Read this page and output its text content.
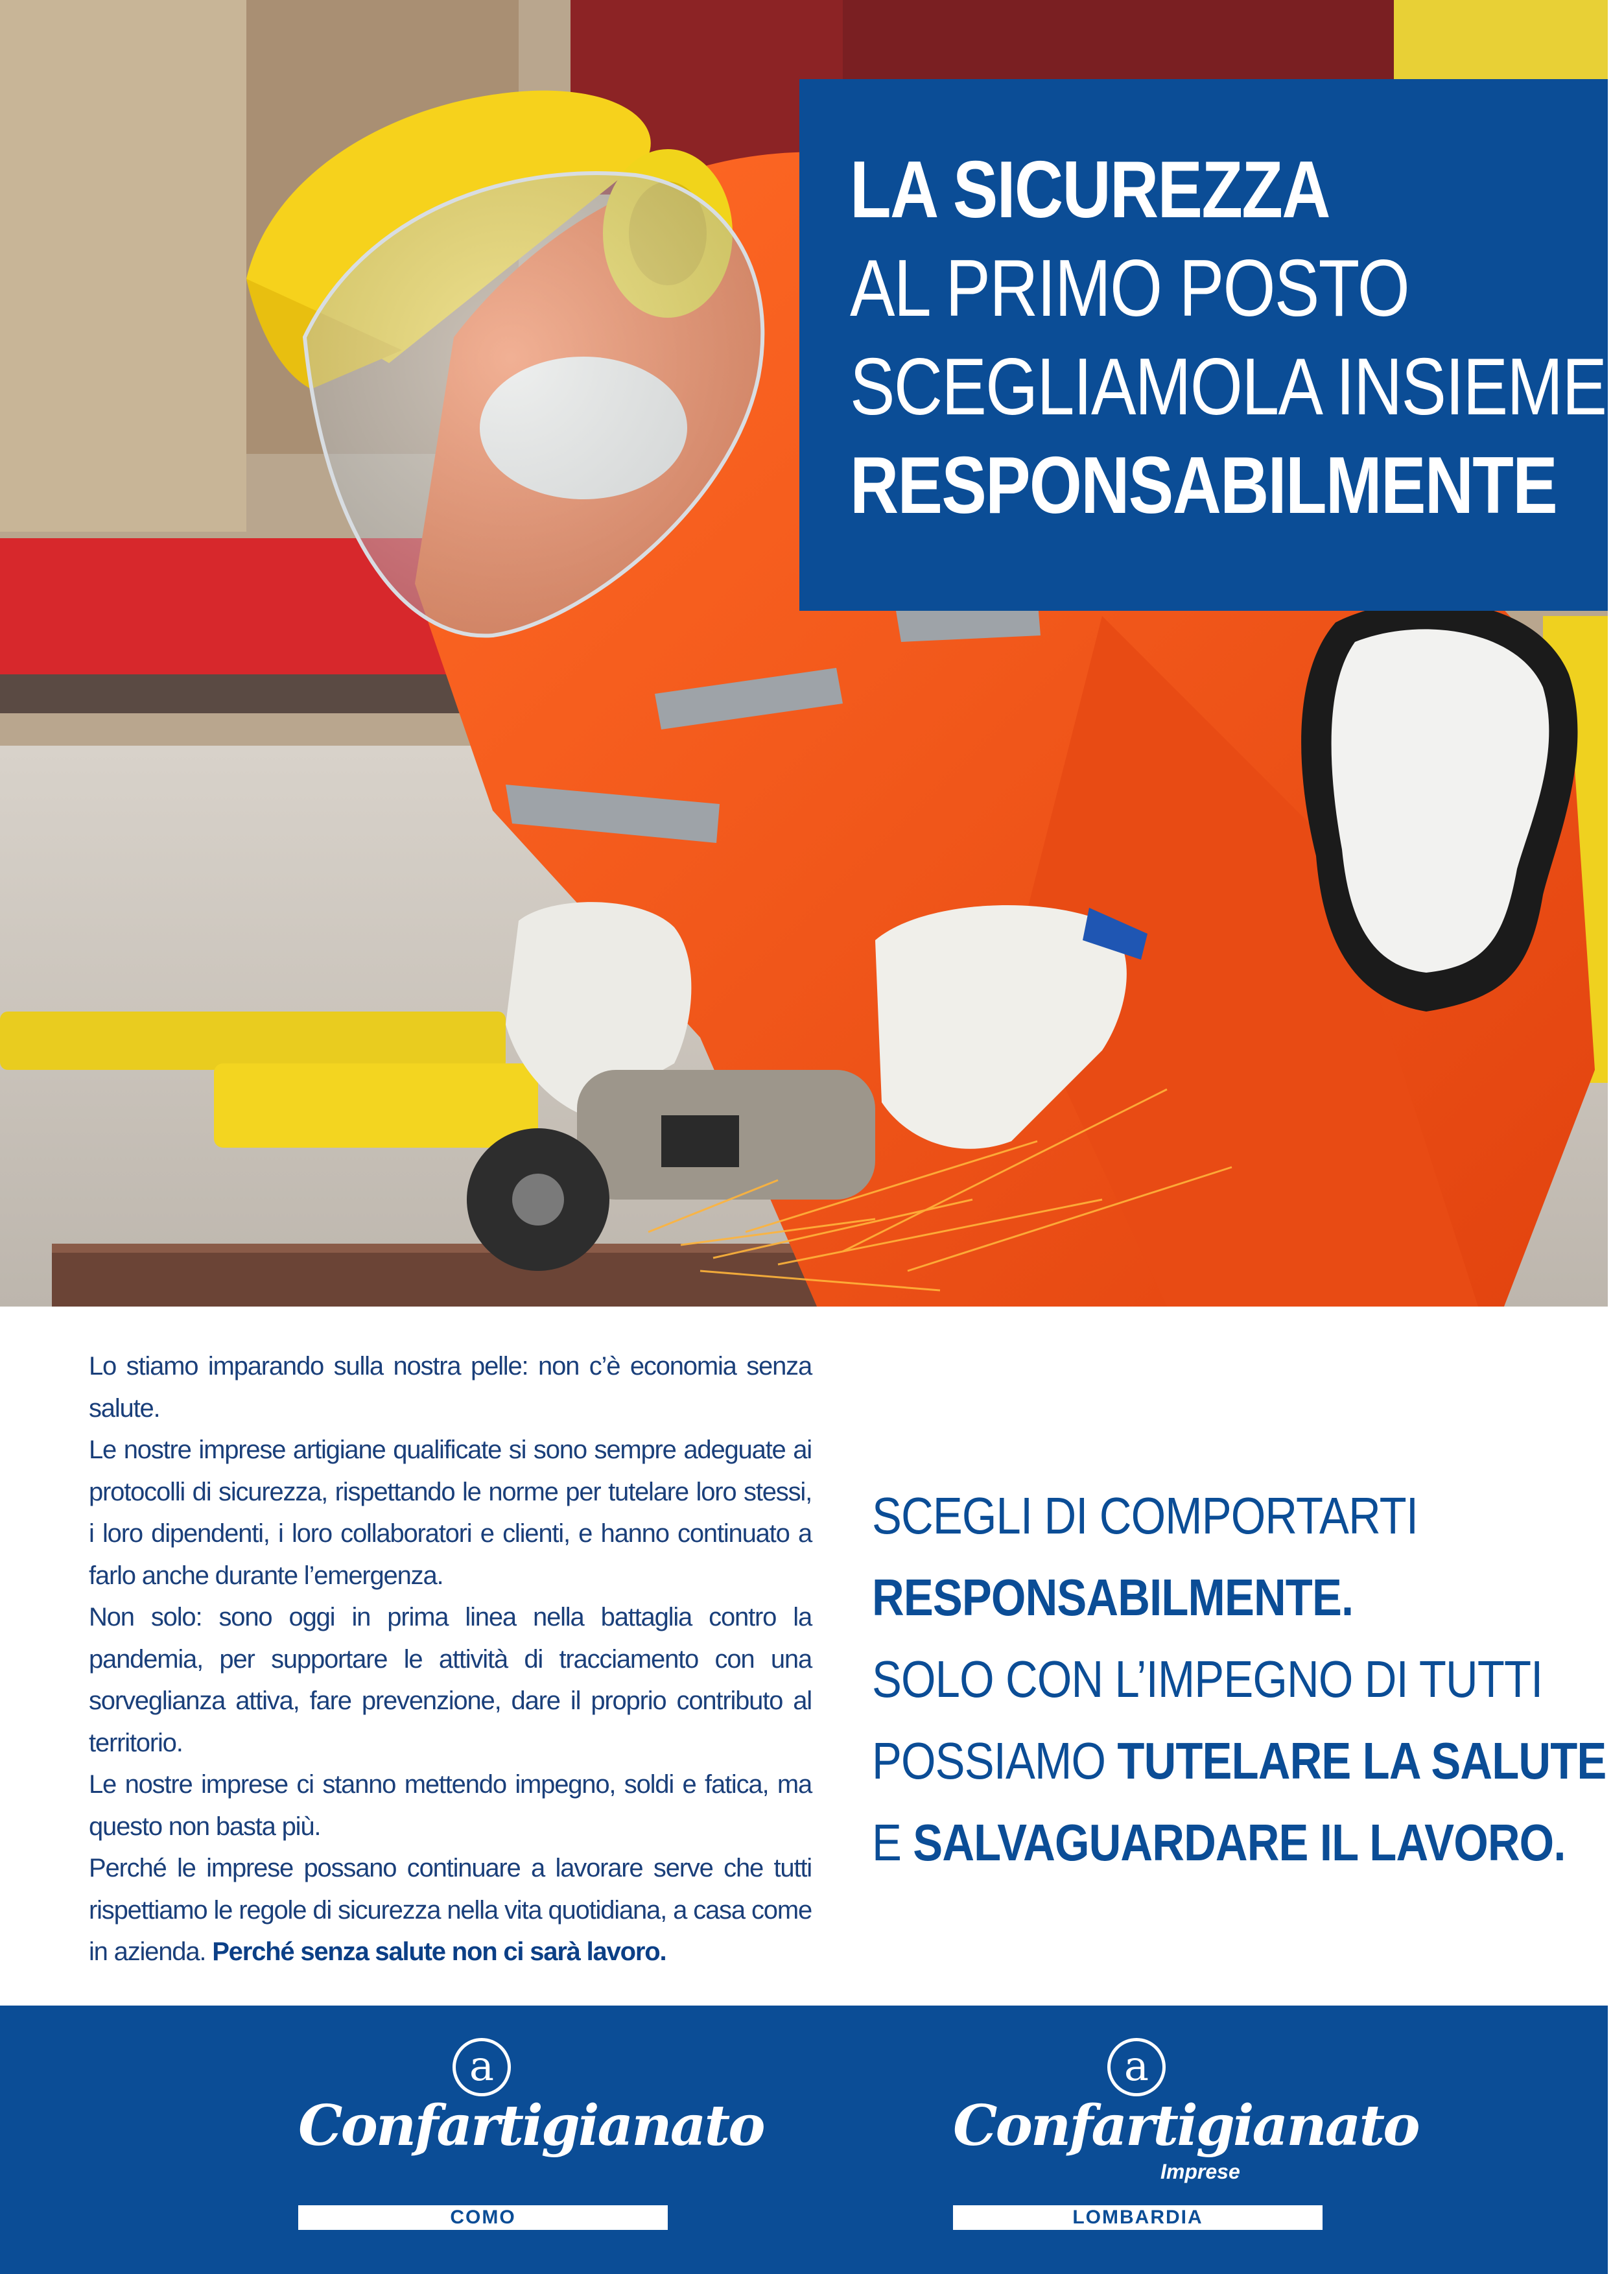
LA SICUREZZA
AL PRIMO POSTO
SCEGLIAMOLA INSIEME,
RESPONSABILMENTE

Lo stiamo imparando sulla nostra pelle: non c’è economia senza salute.

Le nostre imprese artigiane qualificate si sono sempre adeguate ai protocolli di sicurezza, rispettando le norme per tutelare loro stessi, i loro dipendenti, i loro collaboratori e clienti, e hanno continuato a farlo anche durante l’emergenza.

Non solo: sono oggi in prima linea nella battaglia contro la pandemia, per supportare le attività di tracciamento con una sorveglianza attiva, fare prevenzione, dare il proprio contributo al territorio.

Le nostre imprese ci stanno mettendo impegno, soldi e fatica, ma questo non basta più.

Perché le imprese possano continuare a lavorare serve che tutti rispettiamo le regole di sicurezza nella vita quotidiana, a casa come in azienda. Perché senza salute non ci sarà lavoro.

SCEGLI DI COMPORTARTI
RESPONSABILMENTE.
SOLO CON L’IMPEGNO DI TUTTI
POSSIAMO TUTELARE LA SALUTE
E SALVAGUARDARE IL LAVORO.
a
Confartigianato
COMO
a
Confartigianato
Imprese
LOMBARDIA
